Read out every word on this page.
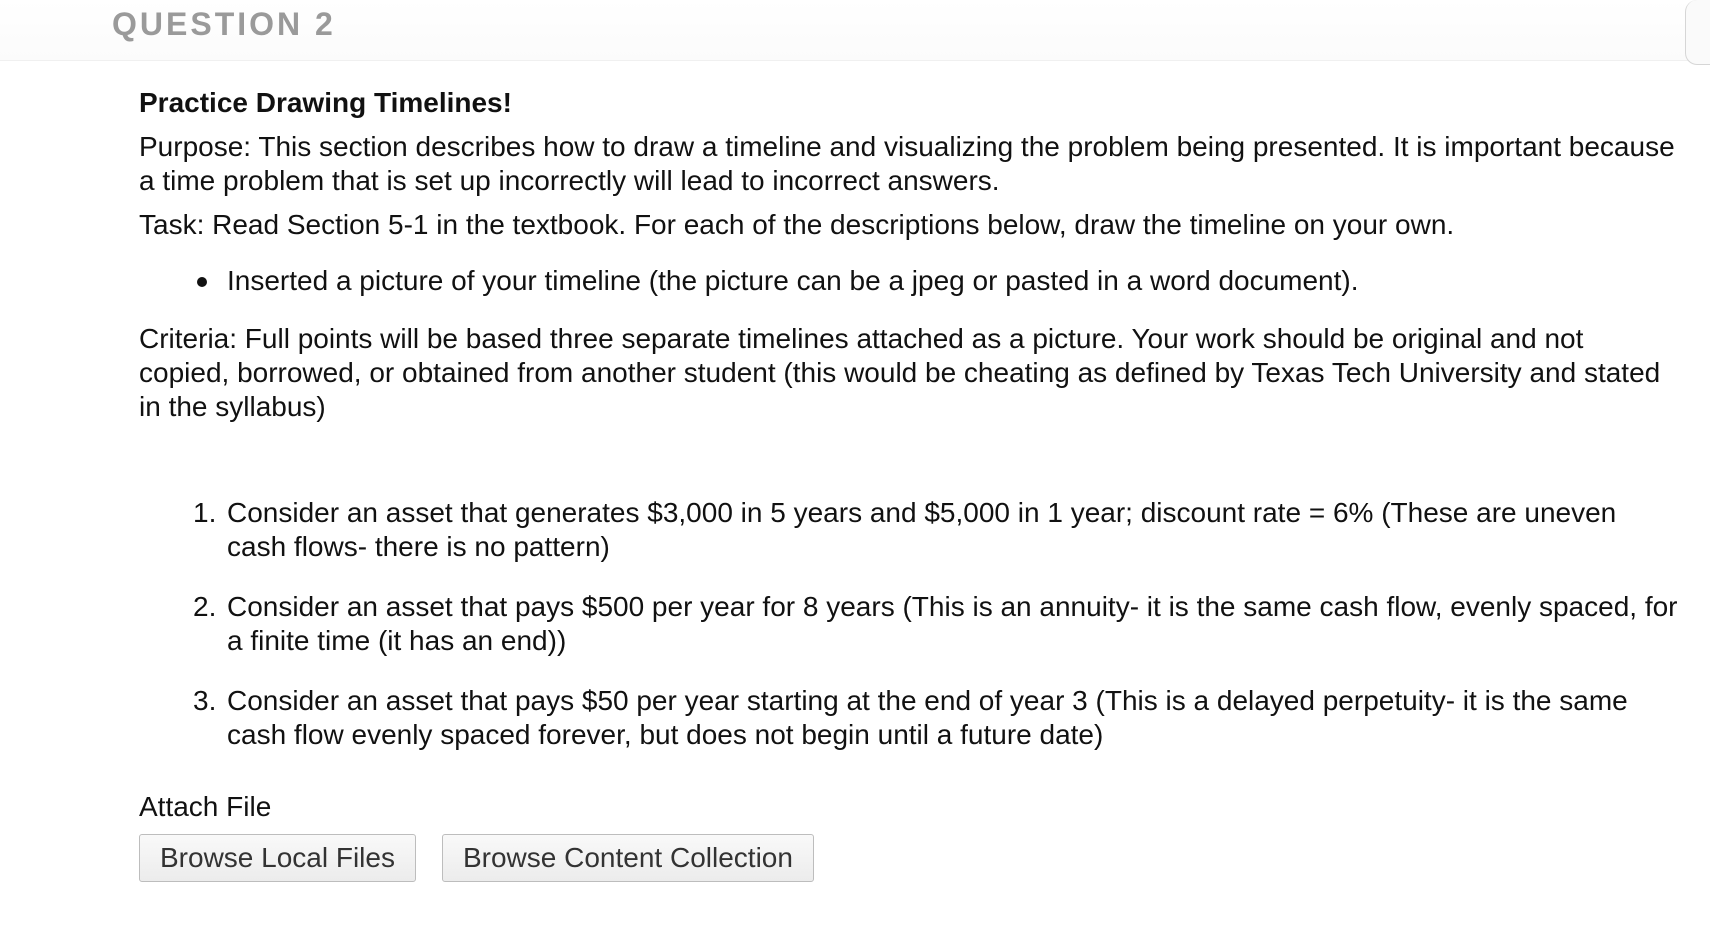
QUESTION 2

Practice Drawing Timelines!

Purpose: This section describes how to draw a timeline and visualizing the problem being presented. It is important because a time problem that is set up incorrectly will lead to incorrect answers.

Task: Read Section 5-1 in the textbook. For each of the descriptions below, draw the timeline on your own.

Inserted a picture of your timeline (the picture can be a jpeg or pasted in a word document).

Criteria: Full points will be based three separate timelines attached as a picture. Your work should be original and not copied, borrowed, or obtained from another student (this would be cheating as defined by Texas Tech University and stated in the syllabus)

1. Consider an asset that generates $3,000 in 5 years and $5,000 in 1 year; discount rate = 6% (These are uneven cash flows- there is no pattern)
2. Consider an asset that pays $500 per year for 8 years (This is an annuity- it is the same cash flow, evenly spaced, for a finite time (it has an end))
3. Consider an asset that pays $50 per year starting at the end of year 3 (This is a delayed perpetuity- it is the same cash flow evenly spaced forever, but does not begin until a future date)
Attach File
Browse Local Files	Browse Content Collection
